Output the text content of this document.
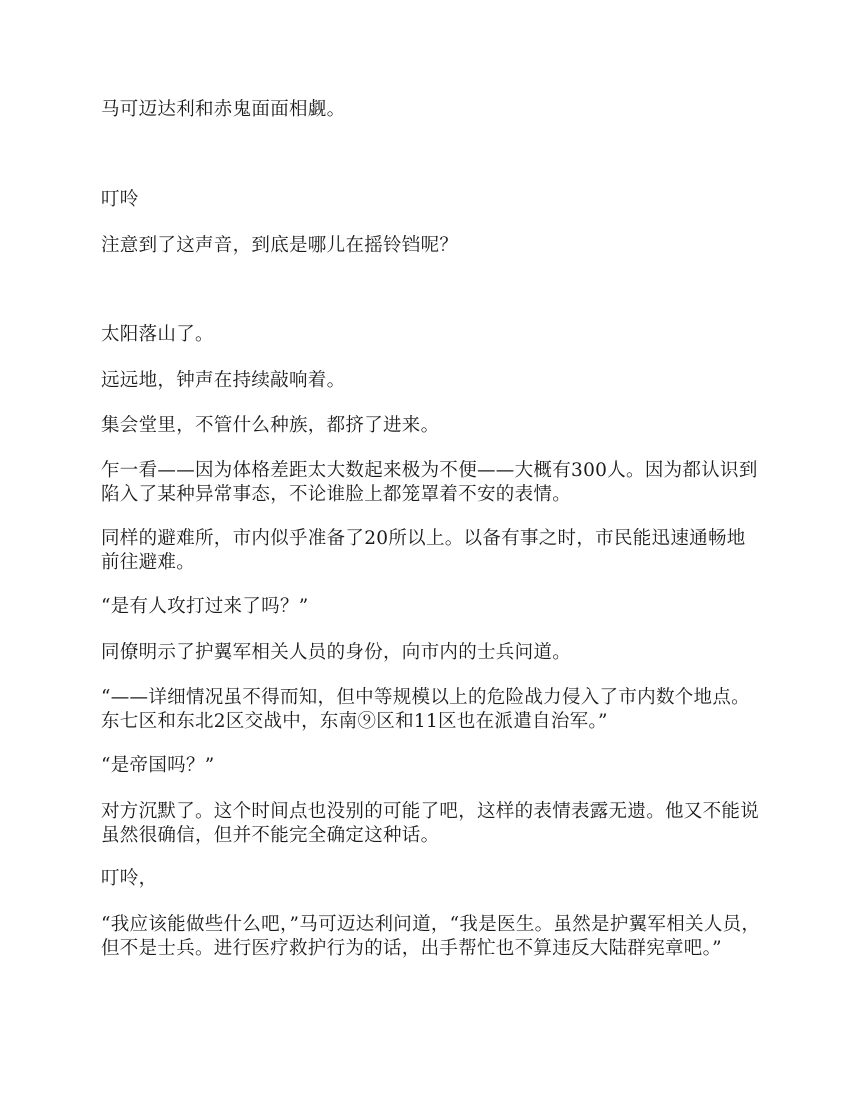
马可迈达利和赤鬼面面相觑。

叮呤

注意到了这声音，到底是哪儿在摇铃铛呢？

太阳落山了。

远远地，钟声在持续敲响着。

集会堂里，不管什么种族，都挤了进来。

乍一看——因为体格差距太大数起来极为不便——大概有300人。因为都认识到陷入了某种异常事态，不论谁脸上都笼罩着不安的表情。

同样的避难所，市内似乎准备了20所以上。以备有事之时，市民能迅速通畅地前往避难。

“是有人攻打过来了吗？”

同僚明示了护翼军相关人员的身份，向市内的士兵问道。

“——详细情况虽不得而知，但中等规模以上的危险战力侵入了市内数个地点。东七区和东北2区交战中，东南⑨区和11区也在派遣自治军。”

“是帝国吗？”

对方沉默了。这个时间点也没别的可能了吧，这样的表情表露无遗。他又不能说虽然很确信，但并不能完全确定这种话。

叮呤，

“我应该能做些什么吧，”马可迈达利问道，“我是医生。虽然是护翼军相关人员，但不是士兵。进行医疗救护行为的话，出手帮忙也不算违反大陆群宪章吧。”
